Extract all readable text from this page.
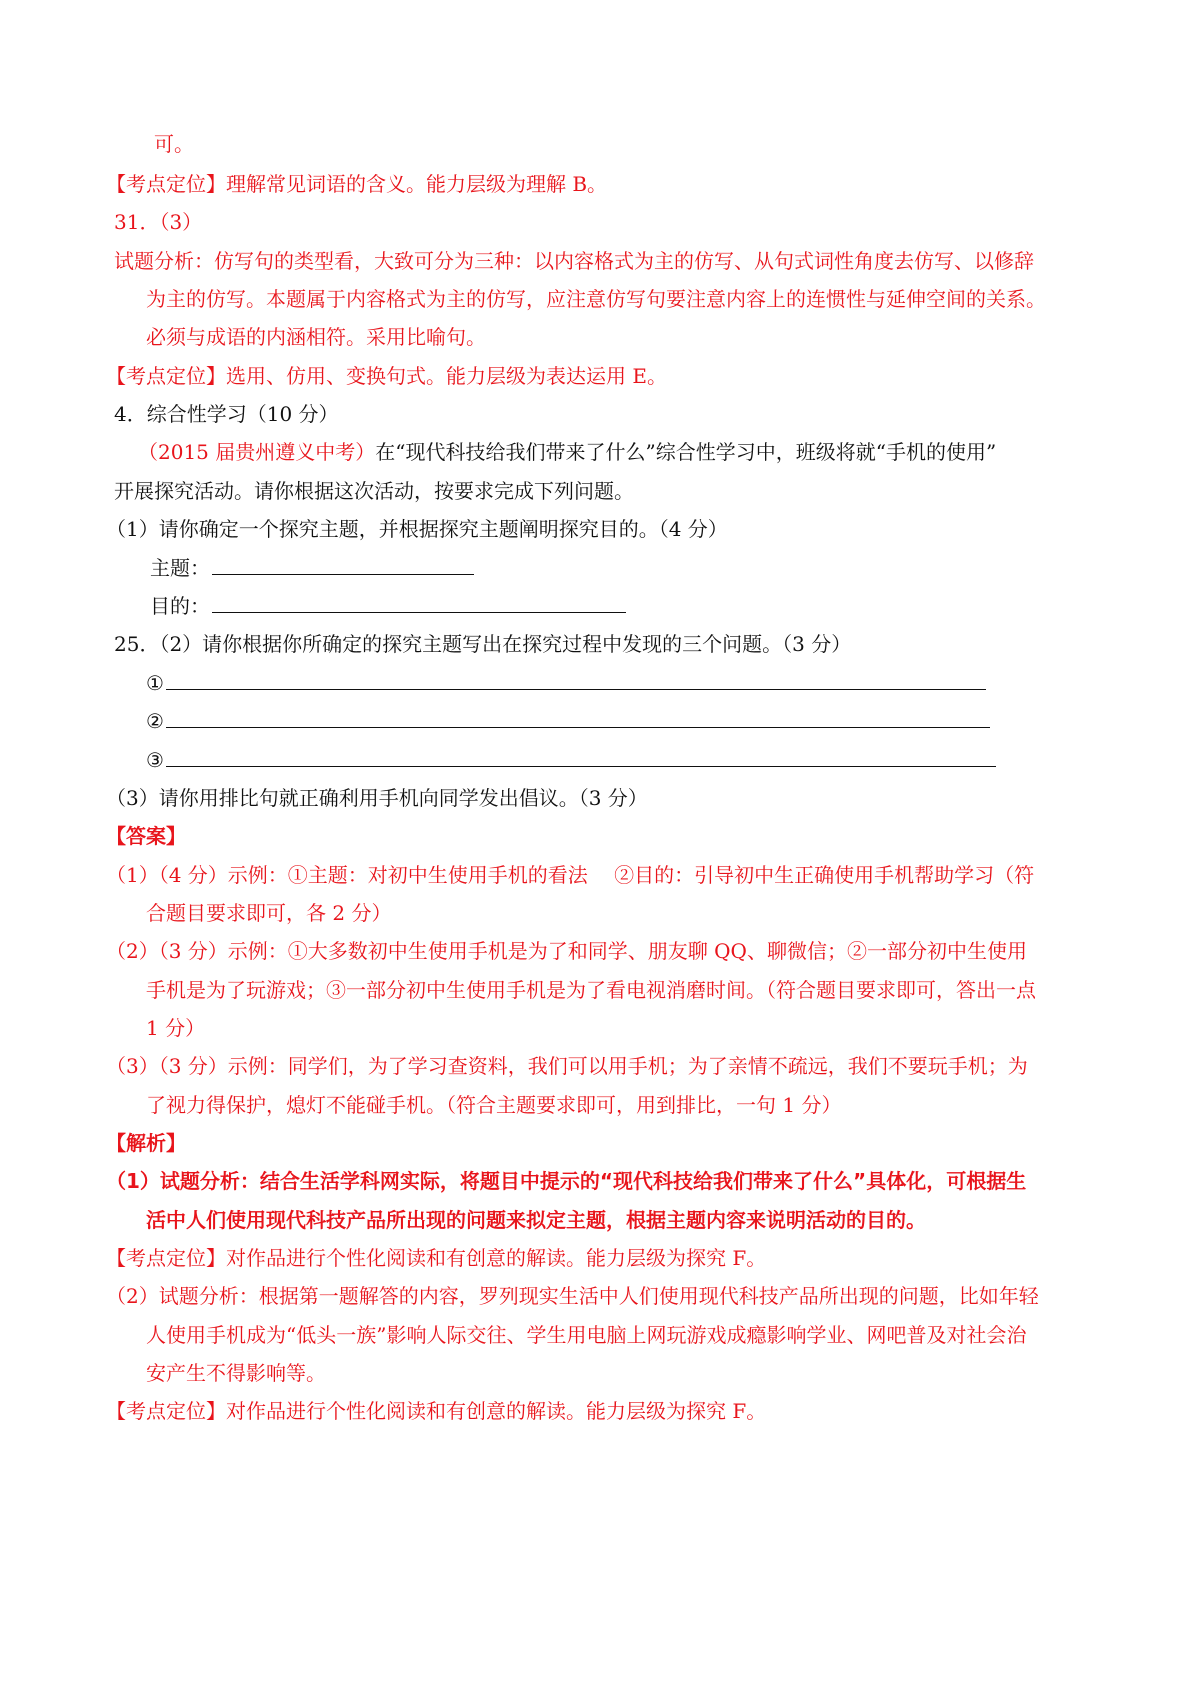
可。
【考点定位】理解常见词语的含义。能力层级为理解 B。
31．（3）
试题分析：仿写句的类型看，大致可分为三种：以内容格式为主的仿写、从句式词性角度去仿写、以修辞
为主的仿写。本题属于内容格式为主的仿写，应注意仿写句要注意内容上的连惯性与延伸空间的关系。
必须与成语的内涵相符。采用比喻句。
【考点定位】选用、仿用、变换句式。能力层级为表达运用 E。
4．综合性学习（10 分）
（2015 届贵州遵义中考）在“现代科技给我们带来了什么”综合性学习中，班级将就“手机的使用”
开展探究活动。请你根据这次活动，按要求完成下列问题。
（1）请你确定一个探究主题，并根据探究主题阐明探究目的。（4 分）
主题：
目的：
25．（2）请你根据你所确定的探究主题写出在探究过程中发现的三个问题。（3 分）
①
②
③
（3）请你用排比句就正确利用手机向同学发出倡议。（3 分）
【答案】
（1）（4 分）示例：①主题：对初中生使用手机的看法　 ②目的：引导初中生正确使用手机帮助学习（符
合题目要求即可，各 2 分）
（2）（3 分）示例：①大多数初中生使用手机是为了和同学、朋友聊 QQ、聊微信；②一部分初中生使用
手机是为了玩游戏；③一部分初中生使用手机是为了看电视消磨时间。（符合题目要求即可，答出一点
1 分）
（3）（3 分）示例：同学们，为了学习查资料，我们可以用手机；为了亲情不疏远，我们不要玩手机；为
了视力得保护，熄灯不能碰手机。（符合主题要求即可，用到排比，一句 1 分）
【解析】
（1）试题分析：结合生活学科网实际，将题目中提示的“现代科技给我们带来了什么”具体化，可根据生
活中人们使用现代科技产品所出现的问题来拟定主题，根据主题内容来说明活动的目的。
【考点定位】对作品进行个性化阅读和有创意的解读。能力层级为探究 F。
（2）试题分析：根据第一题解答的内容，罗列现实生活中人们使用现代科技产品所出现的问题，比如年轻
人使用手机成为“低头一族”影响人际交往、学生用电脑上网玩游戏成瘾影响学业、网吧普及对社会治
安产生不得影响等。
【考点定位】对作品进行个性化阅读和有创意的解读。能力层级为探究 F。
